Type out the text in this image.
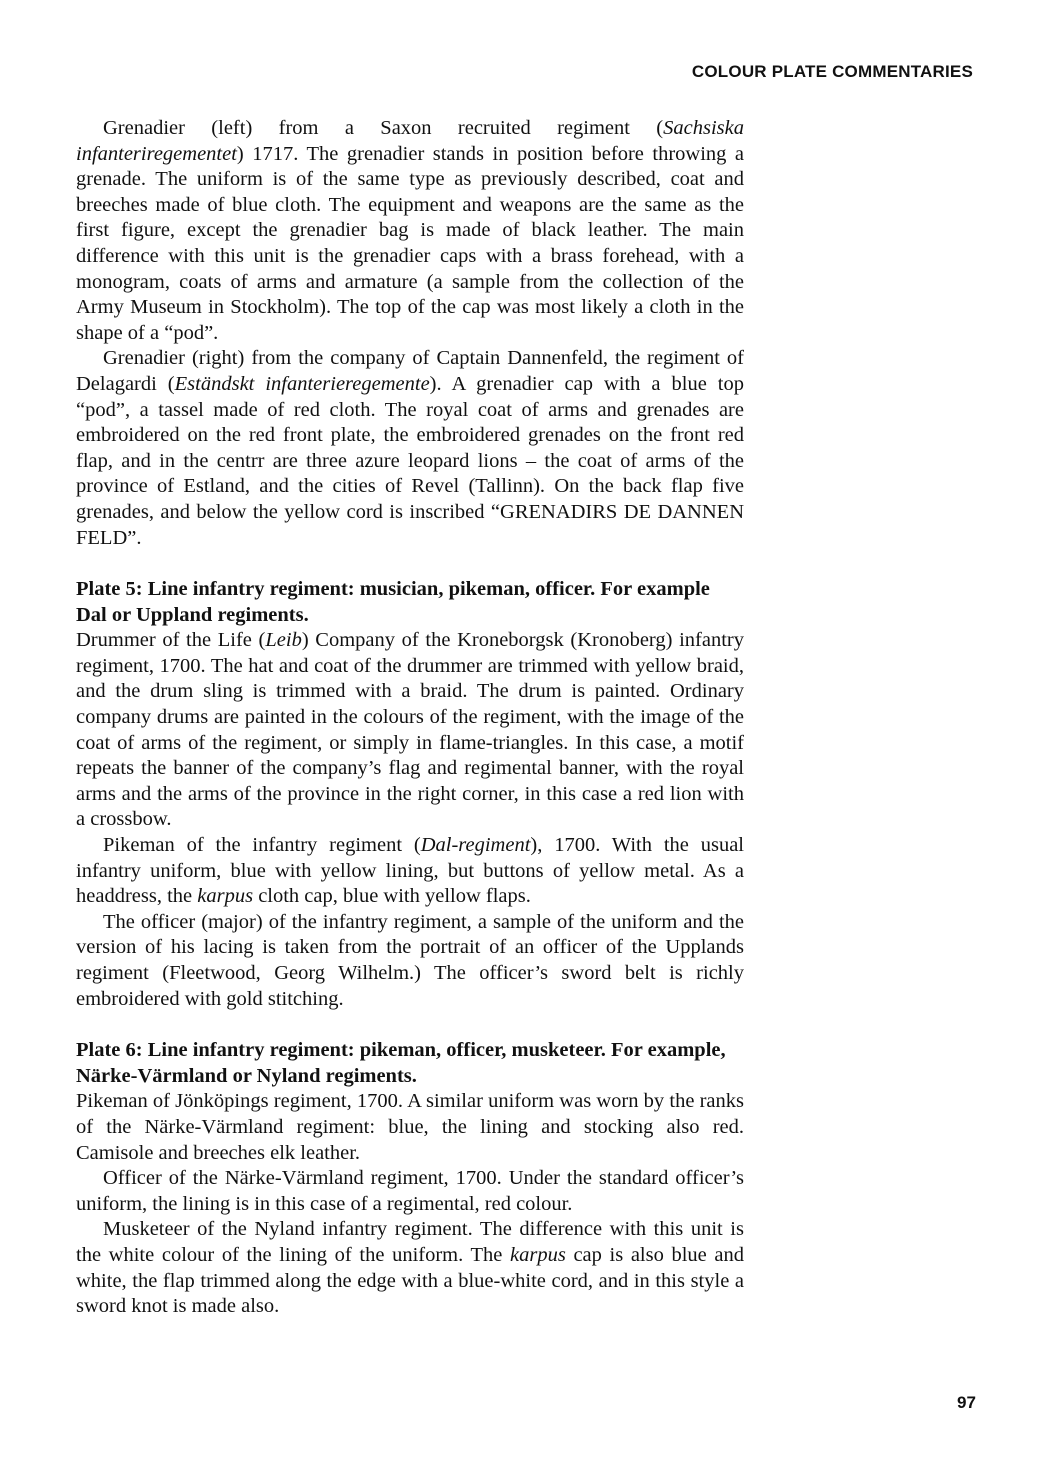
COLOUR PLATE COMMENTARIES

Grenadier (left) from a Saxon recruited regiment (Sachsiska infanteriregementet) 1717. The grenadier stands in position before throwing a grenade. The uniform is of the same type as previously described, coat and breeches made of blue cloth. The equipment and weapons are the same as the first figure, except the grenadier bag is made of black leather. The main difference with this unit is the grenadier caps with a brass forehead, with a monogram, coats of arms and armature (a sample from the collection of the Army Museum in Stockholm). The top of the cap was most likely a cloth in the shape of a “pod”.

Grenadier (right) from the company of Captain Dannenfeld, the regiment of Delagardi (Eständskt infanterieregemente). A grenadier cap with a blue top “pod”, a tassel made of red cloth. The royal coat of arms and grenades are embroidered on the red front plate, the embroidered grenades on the front red flap, and in the centrr are three azure leopard lions – the coat of arms of the province of Estland, and the cities of Revel (Tallinn). On the back flap five grenades, and below the yellow cord is inscribed “GRENADIRS DE DANNEN FELD”.

Plate 5: Line infantry regiment: musician, pikeman, officer. For example Dal or Uppland regiments.

Drummer of the Life (Leib) Company of the Kroneborgsk (Kronoberg) infantry regiment, 1700. The hat and coat of the drummer are trimmed with yellow braid, and the drum sling is trimmed with a braid. The drum is painted. Ordinary company drums are painted in the colours of the regiment, with the image of the coat of arms of the regiment, or simply in flame-triangles. In this case, a motif repeats the banner of the company’s flag and regimental banner, with the royal arms and the arms of the province in the right corner, in this case a red lion with a crossbow.

Pikeman of the infantry regiment (Dal-regiment), 1700. With the usual infantry uniform, blue with yellow lining, but buttons of yellow metal. As a headdress, the karpus cloth cap, blue with yellow flaps.

The officer (major) of the infantry regiment, a sample of the uniform and the version of his lacing is taken from the portrait of an officer of the Upplands regiment (Fleetwood, Georg Wilhelm.) The officer’s sword belt is richly embroidered with gold stitching.

Plate 6: Line infantry regiment: pikeman, officer, musketeer. For example, Närke-Värmland or Nyland regiments.

Pikeman of Jönköpings regiment, 1700. A similar uniform was worn by the ranks of the Närke-Värmland regiment: blue, the lining and stocking also red. Camisole and breeches elk leather.

Officer of the Närke-Värmland regiment, 1700. Under the standard officer’s uniform, the lining is in this case of a regimental, red colour.

Musketeer of the Nyland infantry regiment. The difference with this unit is the white colour of the lining of the uniform. The karpus cap is also blue and white, the flap trimmed along the edge with a blue-white cord, and in this style a sword knot is made also.

97
